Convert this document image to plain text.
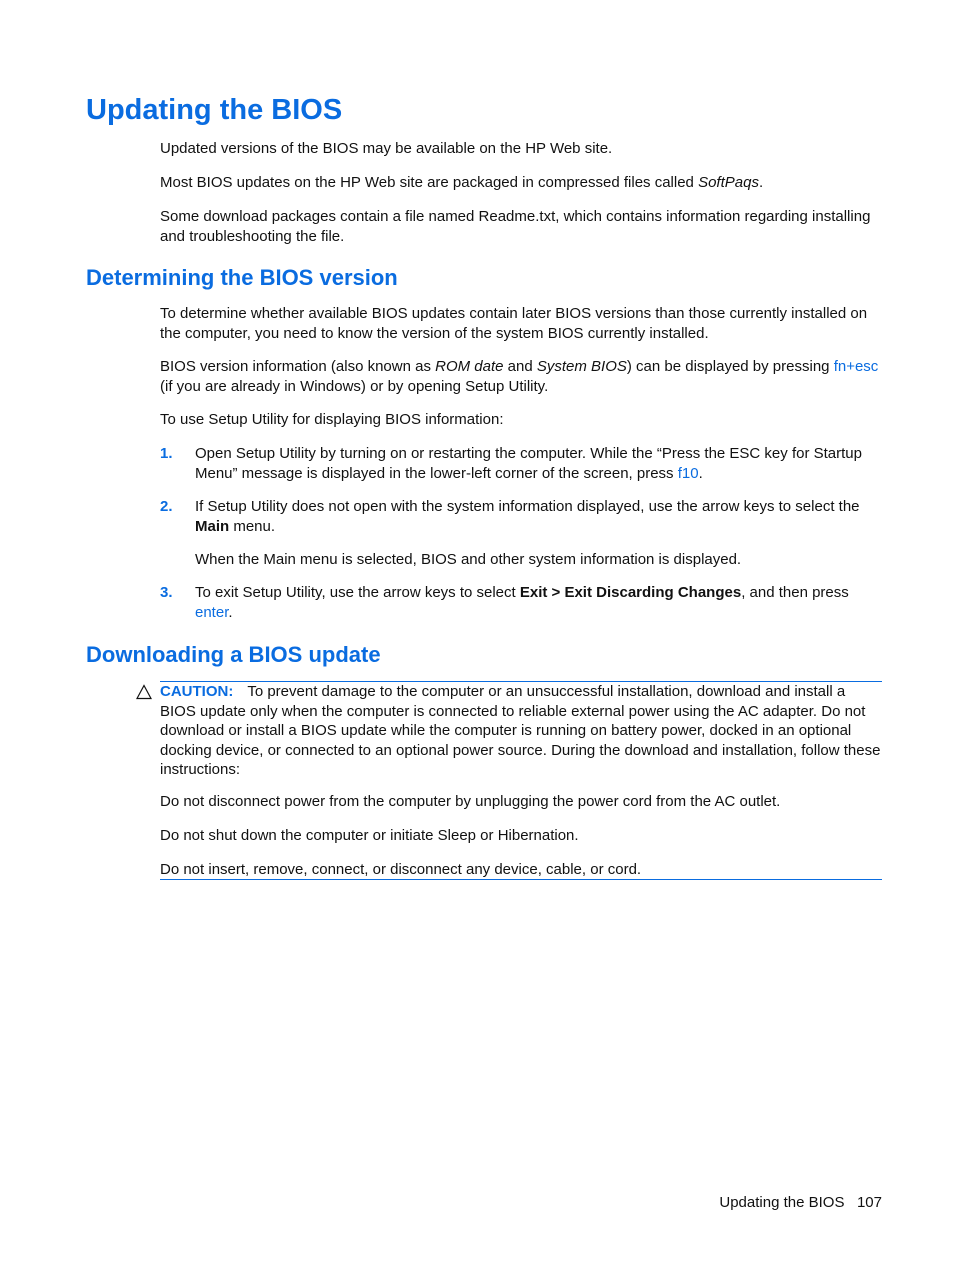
Updating the BIOS

Updated versions of the BIOS may be available on the HP Web site.

Most BIOS updates on the HP Web site are packaged in compressed files called SoftPaqs.

Some download packages contain a file named Readme.txt, which contains information regarding installing and troubleshooting the file.

Determining the BIOS version

To determine whether available BIOS updates contain later BIOS versions than those currently installed on the computer, you need to know the version of the system BIOS currently installed.

BIOS version information (also known as ROM date and System BIOS) can be displayed by pressing fn+esc (if you are already in Windows) or by opening Setup Utility.

To use Setup Utility for displaying BIOS information:

1. Open Setup Utility by turning on or restarting the computer. While the “Press the ESC key for Startup Menu” message is displayed in the lower-left corner of the screen, press f10.

2. If Setup Utility does not open with the system information displayed, use the arrow keys to select the Main menu.

When the Main menu is selected, BIOS and other system information is displayed.

3. To exit Setup Utility, use the arrow keys to select Exit > Exit Discarding Changes, and then press enter.

Downloading a BIOS update

CAUTION: To prevent damage to the computer or an unsuccessful installation, download and install a BIOS update only when the computer is connected to reliable external power using the AC adapter. Do not download or install a BIOS update while the computer is running on battery power, docked in an optional docking device, or connected to an optional power source. During the download and installation, follow these instructions:

Do not disconnect power from the computer by unplugging the power cord from the AC outlet.

Do not shut down the computer or initiate Sleep or Hibernation.

Do not insert, remove, connect, or disconnect any device, cable, or cord.

Updating the BIOS 107
